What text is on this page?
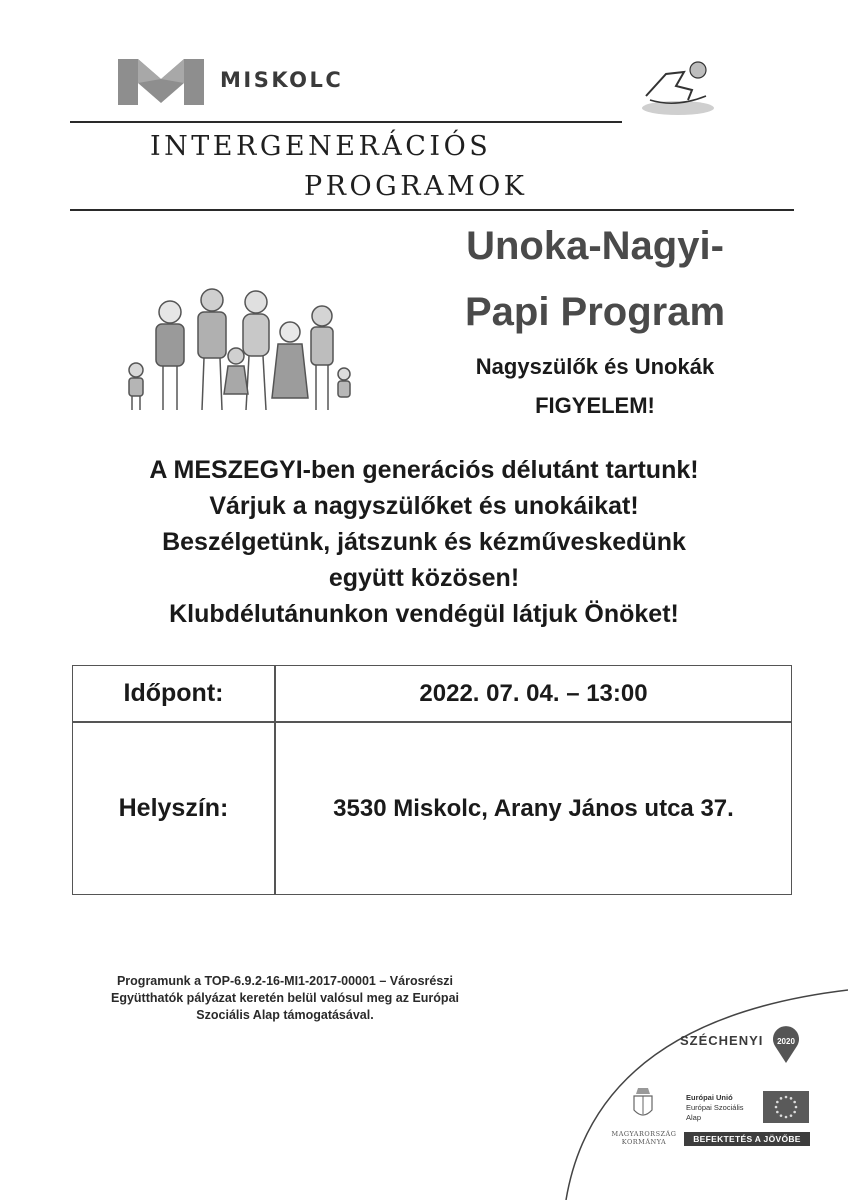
MISKOLC
INTERGENERÁCIÓS
PROGRAMOK
Unoka-Nagyi-
Papi Program
Nagyszülők és Unokák
FIGYELEM!
A MESZEGYI-ben generációs délutánt tartunk!
Várjuk a nagyszülőket és unokáikat!
Beszélgetünk, játszunk és kézműveskedünk
együtt közösen!
Klubdélutánunkon vendégül látjuk Önöket!
Időpont:	2022. 07. 04. – 13:00
Helyszín:	3530 Miskolc, Arany János utca 37.
Programunk a TOP-6.9.2-16-MI1-2017-00001 – Városrészi
Együtthatók pályázat keretén belül valósul meg az Európai
Szociális Alap támogatásával.
SZÉCHENYI 2020
MAGYARORSZÁG
KORMÁNYA
Európai Unió
Európai Szociális
Alap
BEFEKTETÉS A JÖVŐBE
